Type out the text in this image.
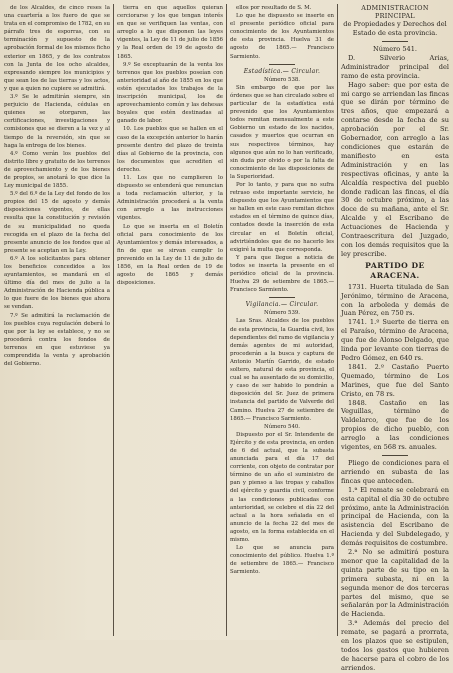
de los Alcaldes, de cinco reses la una cuartería a los fuero de que se trata en el compromiso de 1782, en su párrafo tres de esporras, con su terminación y supuesto de la aprobación formal de los mismos ficho exterior en 1865, y de los contratos con la Junta de los ocho alcaldes, expresando siempre los municipios y que sean los de las tierras y los actos, y que a quien no cupiere se admitirá.

3.º Se le admitirán siempre, sin perjuicio de Hacienda, cédulas en quienes se otorgaren, las certificaciones, investigaciones y comisiones que se dieren a la vez y al tiempo de la reversión, sin que se haga la entrega de los bienes.

4.º Como verán los pueblos del distrito libre y gratuito de los terrenos de aprovechamiento y de los bienes de propios, se anotará lo que dice la Ley municipal de 1855.

5.º del 6.º de la Ley del fondo de los propios del 15 de agosto y demás disposiciones vigentes, de ellas resulta que la constitución y revisión de su municipalidad no queda recogida en el plazo de la fecha del presente anuncio de los fondos que al presente se aceptan en la Ley.

6.º A los solicitantes para obtener los beneficios concedidos a los ayuntamientos, se mandará en el último día del mes de julio a la Administración de Hacienda pública a lo que fuere de los bienes que ahora se vendan.

7.º Se admitirá la reclamación de los pueblos cuya regulación deberá lo que por la ley se establece, y no se procederá contra los fondos de terrenos en que estuviese ya comprendida la venta y aprobación del Gobierno.

tierra en que aquellos quieran cerciorarse y los que tengan interés en que se verifiquen las ventas, con arreglo a lo que disponen las leyes vigentes, la Ley de 11 de julio de 1856 y la Real orden de 19 de agosto de 1865.

9.º Se exceptuarán de la venta los terrenos que los pueblos poseían con anterioridad al año de 1855 en los que estén ejecutados los trabajos de la inscripción municipal, los de aprovechamiento común y las dehesas boyales que estén destinadas al ganado de labor.

10. Los pueblos que se hallen en el caso de la excepción anterior lo harán presente dentro del plazo de treinta días al Gobierno de la provincia, con los documentos que acrediten el derecho.

11. Los que no cumplieren lo dispuesto se entenderá que renuncian a toda reclamación ulterior, y la Administración procederá a la venta con arreglo a las instrucciones vigentes.

Lo que se inserta en el Boletín oficial para conocimiento de los Ayuntamientos y demás interesados, a fin de que se sirvan cumplir lo prevenido en la Ley de 11 de julio de 1856, en la Real orden de 19 de agosto de 1865 y demás disposiciones.

ellos por resultado de S. M.

Lo que he dispuesto se inserte en el presente periódico oficial para conocimiento de los Ayuntamientos de esta provincia. Huelva 31 de agosto de 1865.— Francisco Sarmiento.

Estadística.— Circular.
Número 538.

Sin embargo de que por las órdenes que se han circulado sobre el particular de la estadística está prevenido que los Ayuntamientos todos remitan mensualmente a este Gobierno un estado de los nacidos, casados y muertos que ocurran en sus respectivos términos, hay algunos que aún no lo han verificado, sin duda por olvido o por la falta de conocimiento de las disposiciones de la Superioridad.

Por lo tanto, y para que no sufra retraso este importante servicio, he dispuesto que los Ayuntamientos que se hallen en este caso remitan dichos estados en el término de quince días, contados desde la inserción de esta circular en el Boletín oficial, advirtiéndoles que de no hacerlo les exigiré la multa que corresponda.

Y para que llegue a noticia de todos se inserta la presente en el periódico oficial de la provincia. Huelva 29 de setiembre de 1865.— Francisco Sarmiento.

Vigilancia.— Circular.
Número 539.

Las Sras. Alcaldes de los pueblos de esta provincia, la Guardia civil, los dependientes del ramo de vigilancia y demás agentes de mi autoridad, procederán a la busca y captura de Antonio Martín Garrido, de estado soltero, natural de esta provincia, el cual se ha ausentado de su domicilio, y caso de ser habido lo pondrán a disposición del Sr. Juez de primera instancia del partido de Valverde del Camino. Huelva 27 de setiembre de 1865.— Francisco Sarmiento.

Número 540.

Dispuesto por el Sr. Intendente de Ejército y de esta provincia, en orden de 6 del actual, que la subasta anunciada para el día 17 del corriente, con objeto de contratar por término de un año el suministro de pan y pienso a las tropas y caballos del ejército y guardia civil, conforme a las condiciones publicadas con anterioridad, se celebre el día 22 del actual a la hora señalada en el anuncio de la fecha 22 del mes de agosto, en la forma establecida en el mismo.

Lo que se anuncia para conocimiento del público. Huelva 1.º de setiembre de 1865.— Francisco Sarmiento.

ADMINISTRACION PRINCIPAL
de Propiedades y Derechos del Estado de esta provincia.
Número 541.

D. Silverio Arias, Administrador principal del ramo de esta provincia.

Hago saber: que por esta de mi cargo se arriendan las fincas que se dirán por término de tres años, que empezará a contarse desde la fecha de su aprobación por el Sr. Gobernador, con arreglo a las condiciones que estarán de manifiesto en esta Administración y en las respectivas oficinas, y ante la Alcaldía respectiva del pueblo donde radican las fincas, el día 30 de octubre próximo, a las doce de su mañana, ante el Sr. Alcalde y el Escribano de Actuaciones de Hacienda y Contraescritura del Juzgado, con los demás requisitos que la ley prescribe.

PARTIDO DE ARACENA.

1731. Huerta titulada de San Jerónimo, término de Aracena, con la arboleda y demás de Juan Pérez, en 750 rs.

1741. 1.º Suerte de tierra en el Paraíso, término de Aracena, que fue de Alonso Delgado, que linda por levante con tierras de Pedro Gómez, en 640 rs.

1841. 2.º Castaño Puerto Quemado, término de Los Marines, que fue del Santo Cristo, en 78 rs.

1848. Castaño en las Veguillas, término de Valdelarco, que fue de los propios de dicho pueblo, con arreglo a las condiciones vigentes, en 568 rs. anuales.

Pliego de condiciones para el arriendo en subasta de las fincas que anteceden.

1.ª El remate se celebrará en esta capital el día 30 de octubre próximo, ante la Administración principal de Hacienda, con la asistencia del Escribano de Hacienda y del Subdelegado, y demás requisitos de costumbre.

2.ª No se admitirá postura menor que la capitalidad de la quinta parte de su tipo en la primera subasta, ni en la segunda menor de dos terceras partes del mismo, que se señalarán por la Administración de Hacienda.

3.ª Además del precio del remate, se pagará a prorrata, en los plazos que se estipulen, todos los gastos que hubieren de hacerse para el cobro de los arriendos.
